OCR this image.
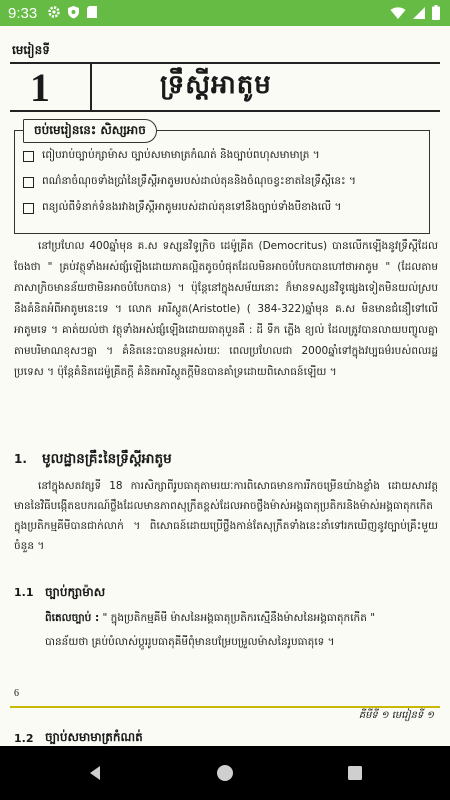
9:33
មេរៀនទី
1	ទ្រឹស្ដីអាតូម
ចប់មេរៀននេះ សិស្សអាច
ពៀបរាប់ច្បាប់ក្សាម៉ាស ច្បាប់សមាមាត្រកំណត់ និងច្បាប់ពហុសមាមាត្រ ។
ពណ៌នាចំណុចទាំងប្រាំនៃទ្រឹស្ដីអាតូមរបស់ដាល់តុននិងចំណុចខ្វះខាតនៃទ្រឹស្ដីនេះ ។
ពន្យល់ពីទំនាក់ទំនងរវាងទ្រឹស្ដីអាតូមរបស់ដាល់តុនទៅនឹងច្បាប់ទាំងបីខាងលើ ។
នៅប្រហែល 400ឆ្នាំមុន គ.ស ទស្សនវិទូក្រិច ដេម៉ូគ្រីត (Democritus) បានលើកឡើងនូវទ្រឹស្ដីដែលចែងថា " គ្រប់វត្ថុទាំងអស់ផ្សំឡើងដោយភាគល្អិតតូចបំផុតដែលមិនអាចបំបែកបានហៅថាអាតូម " (ដែលតាមភាសាក្រិចមានន័យថាមិនអាចបំបែកបាន) ។ ប៉ុន្តែនៅក្នុងសម័យនោះ ក៏មានទស្សនវិទូផ្សេងទៀតមិនយល់ស្របនឹងគំនិតអំពីអាតូមនេះទេ ។ លោក អារីស្តូត(Aristotle) ( 384-322)ឆ្នាំមុន គ.ស មិនមានជំនឿទៅលើអាតូមទេ ។ គាត់យល់ថា វត្ថុទាំងអស់ផ្សំឡើងដោយធាតុបួនគឺ : ដី ទឹក ភ្លើង ខ្យល់ ដែលត្រូវបានលាយបញ្ចូលគ្នាតាមបរិមាណខុសៗគ្នា ។ គំនិតនេះបានបន្តអស់រយៈ ពេលប្រហែលជា 2000ឆ្នាំទៅក្នុងវប្បធម៌របស់ពលរដ្ឋប្រទេស ។ ប៉ុន្តែគំនិតដេម៉ូគ្រីតក្ដី គំនិតអារីស្តូតក្ដីមិនបានគាំទ្រដោយពិសោធន៍ឡើយ ។
1. មូលដ្ឋានគ្រឹះនៃទ្រឹស្ដីអាតូម
នៅក្នុងសតវត្សទី 18 ការសិក្សាពីរូបធាតុតាមរយៈការពិសោធមានការរីកចម្រើនយ៉ាងខ្លាំង ដោយសារវត្តមាននៃវិធីបង្កើតឧបករណ៍ថ្លឹងដែលមានភាពសុក្រឹតខ្ពស់ដែលអាចថ្លឹងម៉ាស់អង្គធាតុប្រតិករនិងម៉ាស់អង្គធាតុកកើតក្នុងប្រតិកម្មគីមីបានជាក់លាក់ ។ ពិសោធន៍ដោយប្រើថ្លឹងកាន់តែសុក្រឹតទាំងនេះនាំទៅរកឃើញនូវច្បាប់គ្រឹះមួយចំនួន ។
1.1 ច្បាប់ក្សាម៉ាស
ពិតេលច្បាប់ : " ក្នុងប្រតិកម្មគីមី ម៉ាសនៃអង្គធាតុប្រតិករស្មើនឹងម៉ាសនៃអង្គធាតុកកើត "
បានន័យថា គ្រប់បំលាស់ប្ដូររូបធាតុគីមីពុំមានបម្រែបម្រួលម៉ាសនៃរូបធាតុទេ ។
6
គីមីទី ១ មេរៀនទី ១
1.2 ច្បាប់សមាមាត្រកំណត់
